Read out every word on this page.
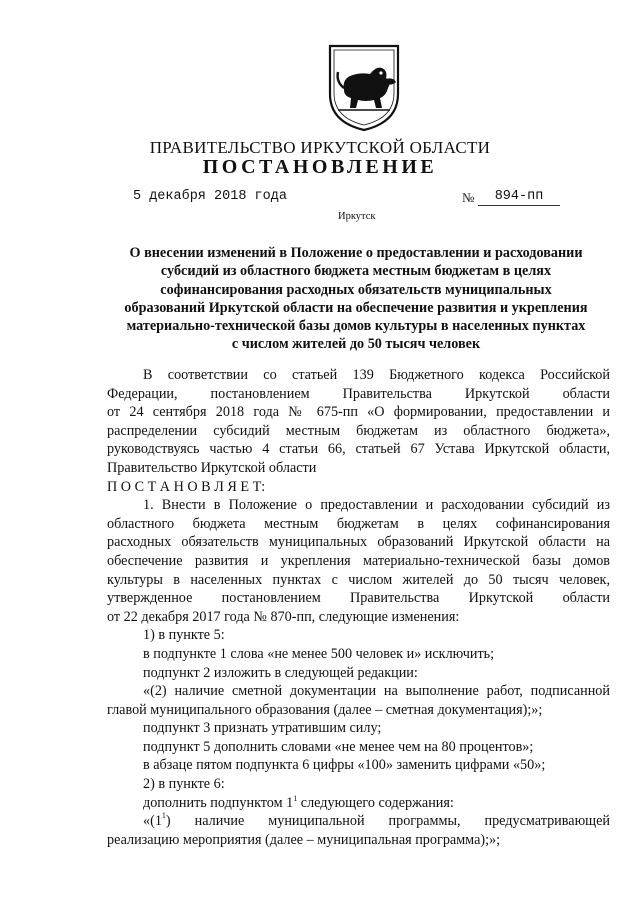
ПРАВИТЕЛЬСТВО ИРКУТСКОЙ ОБЛАСТИ
ПОСТАНОВЛЕНИЕ
5 декабря 2018 года	№	894-пп
Иркутск
О внесении изменений в Положение о предоставлении и расходовании
субсидий из областного бюджета местным бюджетам в целях
софинансирования расходных обязательств муниципальных
образований Иркутской области на обеспечение развития и укрепления
материально-технической базы домов культуры в населенных пунктах
с числом жителей до 50 тысяч человек
В соответствии со статьей 139 Бюджетного кодекса Российской
Федерации, постановлением Правительства Иркутской области
от 24 сентября 2018 года № 675-пп «О формировании, предоставлении и
распределении субсидий местным бюджетам из областного бюджета»,
руководствуясь частью 4 статьи 66, статьей 67 Устава Иркутской области,
Правительство Иркутской области
П О С Т А Н О В Л Я Е Т:
1. Внести в Положение о предоставлении и расходовании субсидий из
областного бюджета местным бюджетам в целях софинансирования
расходных обязательств муниципальных образований Иркутской области на
обеспечение развития и укрепления материально-технической базы домов
культуры в населенных пунктах с числом жителей до 50 тысяч человек,
утвержденное постановлением Правительства Иркутской области
от 22 декабря 2017 года № 870-пп, следующие изменения:
1) в пункте 5:
в подпункте 1 слова «не менее 500 человек и» исключить;
подпункт 2 изложить в следующей редакции:
«(2) наличие сметной документации на выполнение работ, подписанной
главой муниципального образования (далее – сметная документация);»;
подпункт 3 признать утратившим силу;
подпункт 5 дополнить словами «не менее чем на 80 процентов»;
в абзаце пятом подпункта 6 цифры «100» заменить цифрами «50»;
2) в пункте 6:
дополнить подпунктом $1^1$ следующего содержания:
«(1 1 ) наличие муниципальной программы, предусматривающей
реализацию мероприятия (далее – муниципальная программа);»;
